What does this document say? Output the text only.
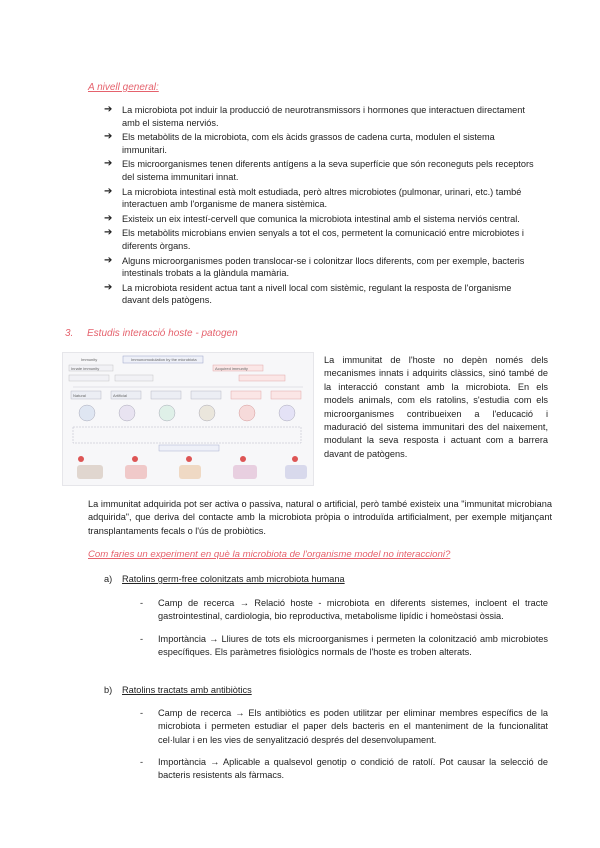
A nivell general:
➔ La microbiota pot induir la producció de neurotransmissors i hormones que interactuen directament amb el sistema nerviós.
➔ Els metabòlits de la microbiota, com els àcids grassos de cadena curta, modulen el sistema immunitari.
➔ Els microorganismes tenen diferents antígens a la seva superfície que són reconeguts pels receptors del sistema immunitari innat.
➔ La microbiota intestinal està molt estudiada, però altres microbiotes (pulmonar, urinari, etc.) també interactuen amb l'organisme de manera sistèmica.
➔ Existeix un eix intestí-cervell que comunica la microbiota intestinal amb el sistema nerviós central.
➔ Els metabòlits microbians envien senyals a tot el cos, permetent la comunicació entre microbiotes i diferents òrgans.
➔ Alguns microorganismes poden translocar-se i colonitzar llocs diferents, com per exemple, bacteris intestinals trobats a la glàndula mamària.
➔ La microbiota resident actua tant a nivell local com sistèmic, regulant la resposta de l'organisme davant dels patògens.
3. Estudis interacció hoste - patogen
Immunomodulation by the microbiota
Immunity
Innate immunity	Acquired immunity
Natural	Artificial
La immunitat de l'hoste no depèn només dels mecanismes innats i adquirits clàssics, sinó també de la interacció constant amb la microbiota. En els models animals, com els ratolins, s'estudia com els microorganismes contribueixen a l'educació i maduració del sistema immunitari des del naixement, modulant la seva resposta i actuant com a barrera davant de patògens.
La immunitat adquirida pot ser activa o passiva, natural o artificial, però també existeix una "immunitat microbiana adquirida", que deriva del contacte amb la microbiota pròpia o introduïda artificialment, per exemple mitjançant transplantaments fecals o l'ús de probiòtics.
Com faries un experiment en què la microbiota de l'organisme model no interaccioni?
a) Ratolins germ-free colonitzats amb microbiota humana
- Camp de recerca → Relació hoste - microbiota en diferents sistemes, incloent el tracte gastrointestinal, cardiologia, bio reproductiva, metabolisme lipídic i homeòstasi òssia.
- Importància → Lliures de tots els microorganismes i permeten la colonització amb microbiotes específiques. Els paràmetres fisiològics normals de l'hoste es troben alterats.
b) Ratolins tractats amb antibiòtics
- Camp de recerca → Els antibiòtics es poden utilitzar per eliminar membres específics de la microbiota i permeten estudiar el paper dels bacteris en el manteniment de la funcionalitat cel·lular i en les vies de senyalització després del desenvolupament.
- Importància → Aplicable a qualsevol genotip o condició de ratolí. Pot causar la selecció de bacteris resistents als fàrmacs.
